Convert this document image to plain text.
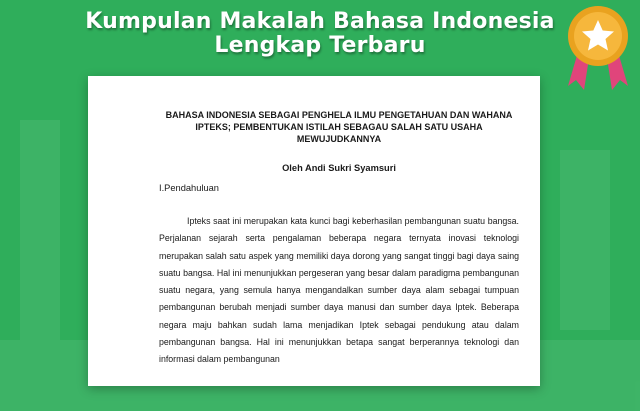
Kumpulan Makalah Bahasa Indonesia
Lengkap Terbaru

BAHASA INDONESIA SEBAGAI PENGHELA ILMU PENGETAHUAN DAN WAHANA IPTEKS; PEMBENTUKAN ISTILAH SEBAGAU SALAH SATU USAHA MEWUJUDKANNYA

Oleh Andi Sukri Syamsuri
I.Pendahuluan
Ipteks saat ini merupakan kata kunci bagi keberhasilan pembangunan suatu bangsa. Perjalanan sejarah serta pengalaman beberapa negara ternyata inovasi teknologi merupakan salah satu aspek yang memiliki daya dorong yang sangat tinggi bagi daya saing suatu bangsa. Hal ini menunjukkan pergeseran yang besar dalam paradigma pembangunan suatu negara, yang semula hanya mengandalkan sumber daya alam sebagai tumpuan pembangunan berubah menjadi sumber daya manusi dan sumber daya Iptek. Beberapa negara maju bahkan sudah lama menjadikan Iptek sebagai pendukung atau dalam pembangunan bangsa. Hal ini menunjukkan betapa sangat berperannya teknologi dan informasi dalam pembangunan
